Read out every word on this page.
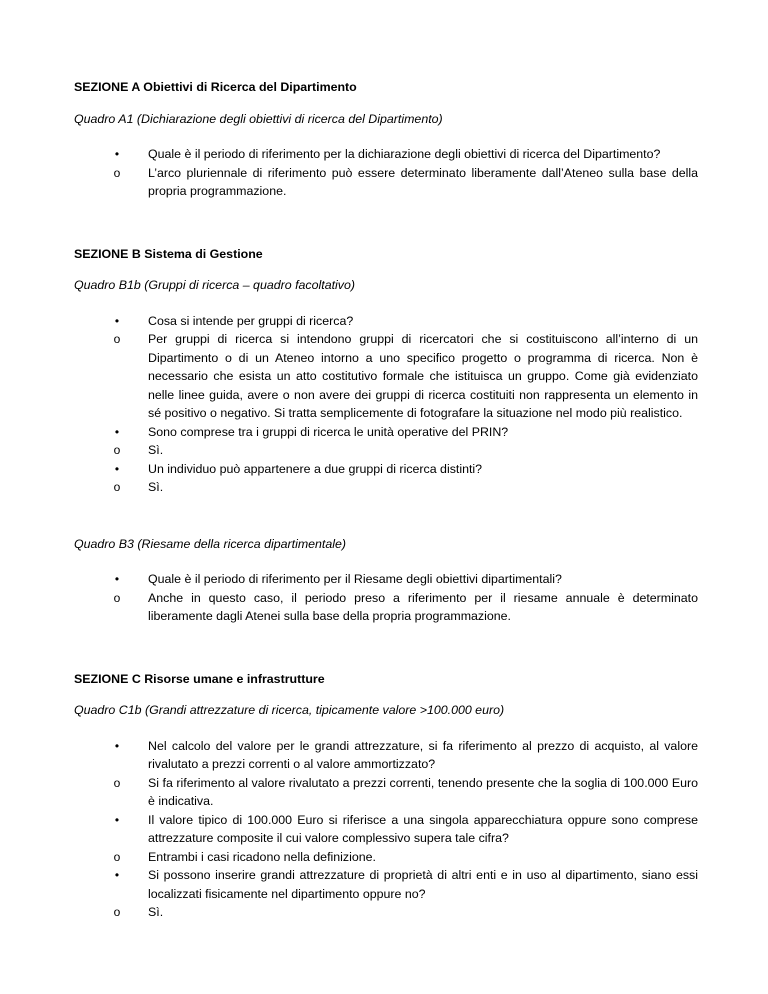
SEZIONE A Obiettivi di Ricerca del Dipartimento

Quadro A1 (Dichiarazione degli obiettivi di ricerca del Dipartimento)

•
Quale è il periodo di riferimento per la dichiarazione degli obiettivi di ricerca del Dipartimento?
o
L’arco pluriennale di riferimento può essere determinato liberamente dall’Ateneo sulla base della propria programmazione.

SEZIONE B Sistema di Gestione

Quadro B1b (Gruppi di ricerca – quadro facoltativo)

•
Cosa si intende per gruppi di ricerca?
o
Per gruppi di ricerca si intendono gruppi di ricercatori che si costituiscono all’interno di un Dipartimento o di un Ateneo intorno a uno specifico progetto o programma di ricerca. Non è necessario che esista un atto costitutivo formale che istituisca un gruppo. Come già evidenziato nelle linee guida, avere o non avere dei gruppi di ricerca costituiti non rappresenta un elemento in sé positivo o negativo. Si tratta semplicemente di fotografare la situazione nel modo più realistico.
•
Sono comprese tra i gruppi di ricerca le unità operative del PRIN?
o
Sì.
•
Un individuo può appartenere a due gruppi di ricerca distinti?
o
Sì.

Quadro B3 (Riesame della ricerca dipartimentale)

•
Quale è il periodo di riferimento per il Riesame degli obiettivi dipartimentali?
o
Anche in questo caso, il periodo preso a riferimento per il riesame annuale è determinato liberamente dagli Atenei sulla base della propria programmazione.

SEZIONE C Risorse umane e infrastrutture

Quadro C1b (Grandi attrezzature di ricerca, tipicamente valore >100.000 euro)

•
Nel calcolo del valore per le grandi attrezzature, si fa riferimento al prezzo di acquisto, al valore rivalutato a prezzi correnti o al valore ammortizzato?
o
Si fa riferimento al valore rivalutato a prezzi correnti, tenendo presente che la soglia di 100.000 Euro è indicativa.
•
Il valore tipico di 100.000 Euro si riferisce a una singola apparecchiatura oppure sono comprese attrezzature composite il cui valore complessivo supera tale cifra?
o
Entrambi i casi ricadono nella definizione.
•
Si possono inserire grandi attrezzature di proprietà di altri enti e in uso al dipartimento, siano essi localizzati fisicamente nel dipartimento oppure no?
o
Sì.
